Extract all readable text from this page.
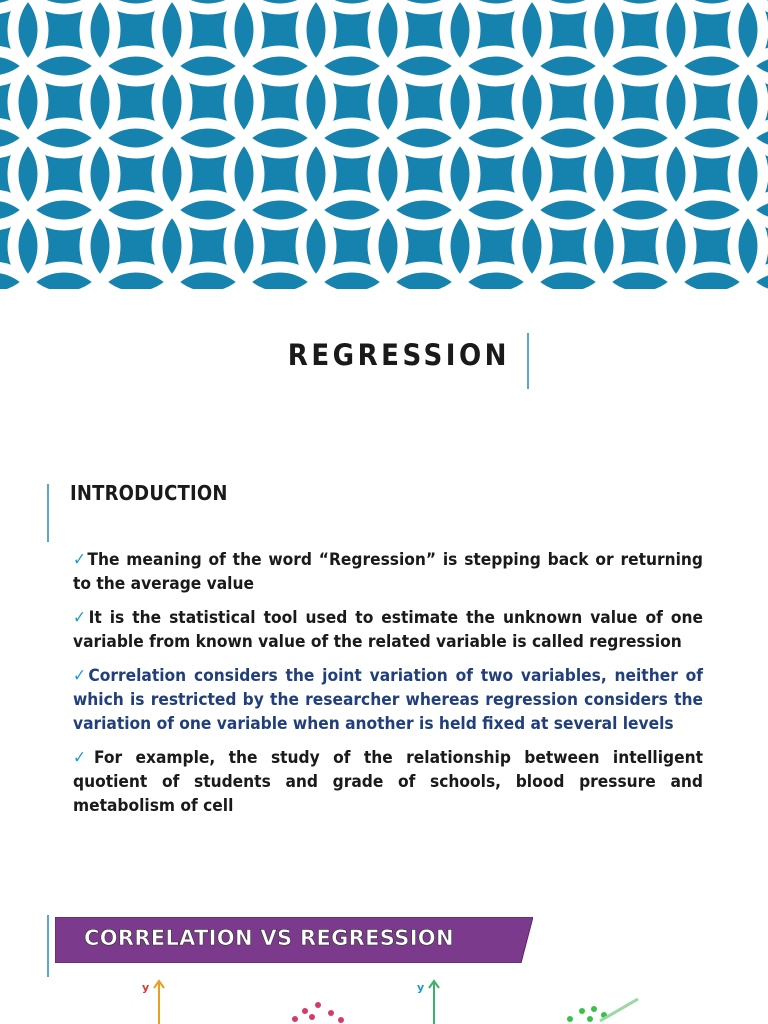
REGRESSION
INTRODUCTION

✓The meaning of the word “Regression” is stepping back or returning to the average value

✓It is the statistical tool used to estimate the unknown value of one variable from known value of the related variable is called regression

✓Correlation considers the joint variation of two variables, neither of which is restricted by the researcher whereas regression considers the variation of one variable when another is held fixed at several levels

✓For example, the study of the relationship between intelligent quotient of students and grade of schools, blood pressure and metabolism of cell

CORRELATION VS REGRESSION
y	y
